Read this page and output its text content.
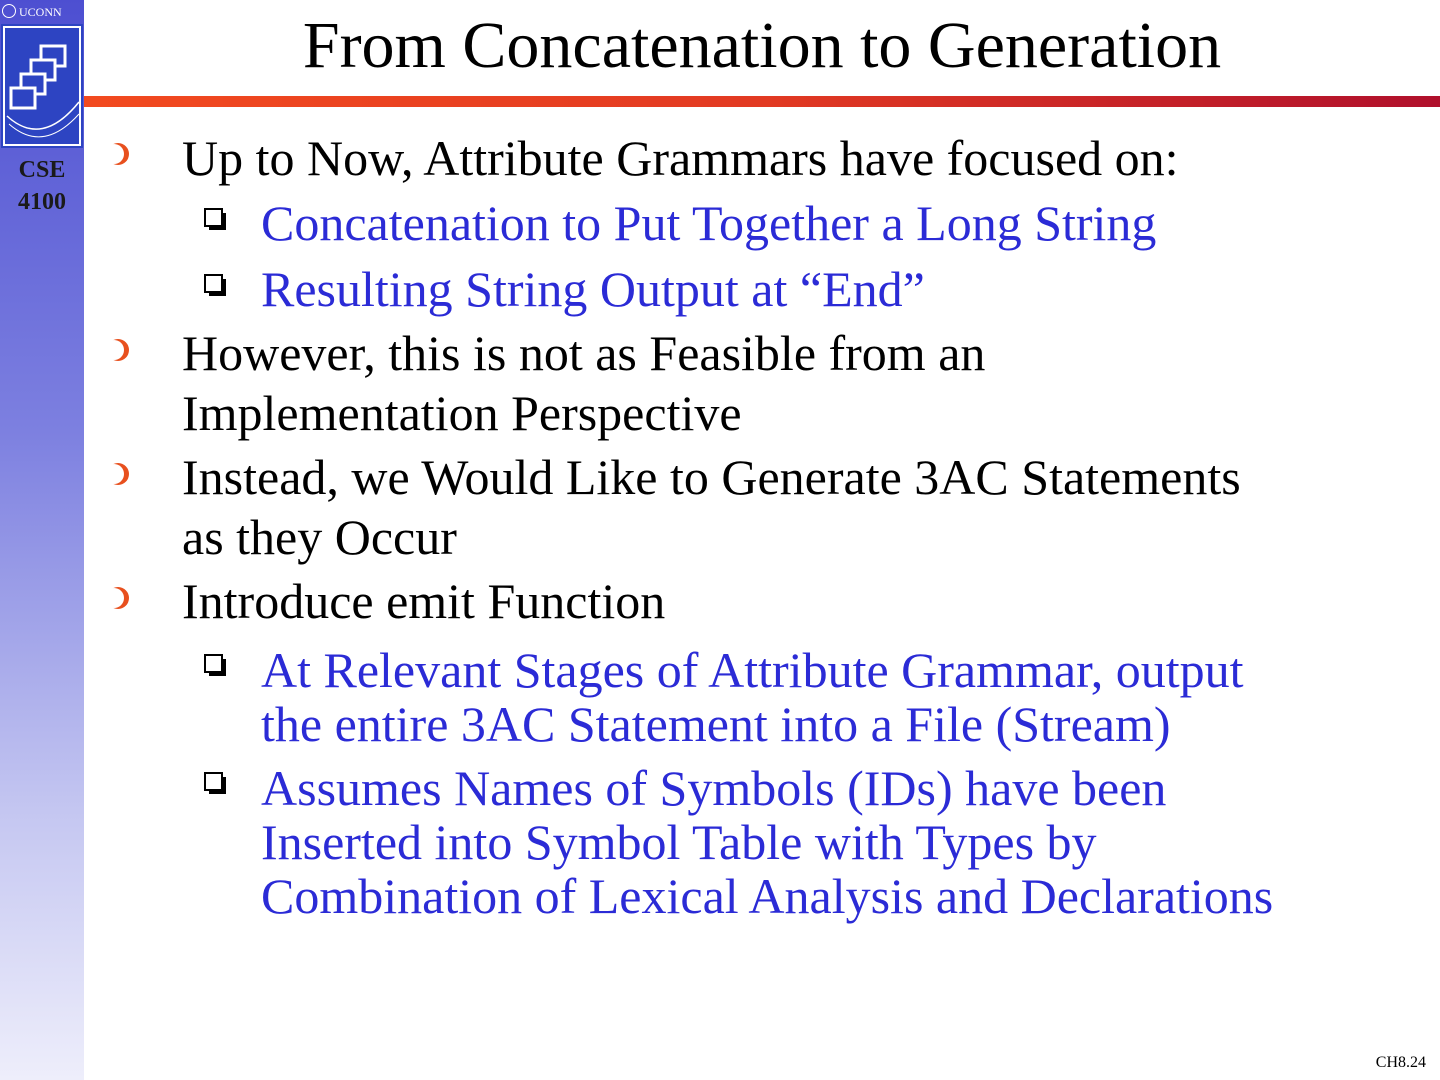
UCONN
CSE
4100
From Concatenation to Generation
Up to Now, Attribute Grammars have focused on:
Concatenation to Put Together a Long String
Resulting String Output at “End”
However, this is not as Feasible from an
Implementation Perspective
Instead, we Would Like to Generate 3AC Statements
as they Occur
Introduce emit Function
At Relevant Stages of Attribute Grammar, output
the entire 3AC Statement into a File (Stream)
Assumes Names of Symbols (IDs) have been
Inserted into Symbol Table with Types by
Combination of Lexical Analysis and Declarations
CH8.24
